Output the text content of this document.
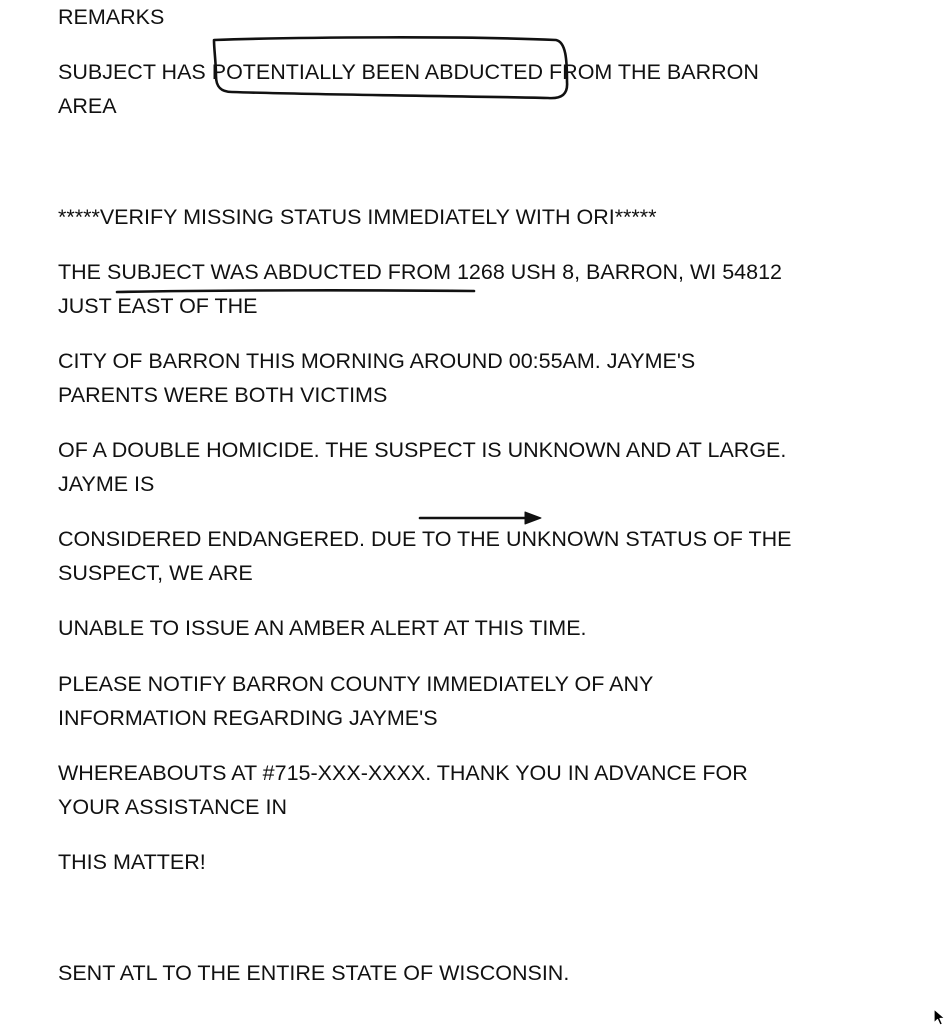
REMARKS

SUBJECT HAS POTENTIALLY BEEN ABDUCTED FROM THE BARRON

AREA

*****VERIFY MISSING STATUS IMMEDIATELY WITH ORI*****

THE SUBJECT WAS ABDUCTED FROM 1268 USH 8, BARRON, WI 54812

JUST EAST OF THE

CITY OF BARRON THIS MORNING AROUND 00:55AM. JAYME'S

PARENTS WERE BOTH VICTIMS

OF A DOUBLE HOMICIDE. THE SUSPECT IS UNKNOWN AND AT LARGE.

JAYME IS

CONSIDERED ENDANGERED. DUE TO THE UNKNOWN STATUS OF THE

SUSPECT, WE ARE

UNABLE TO ISSUE AN AMBER ALERT AT THIS TIME.

PLEASE NOTIFY BARRON COUNTY IMMEDIATELY OF ANY

INFORMATION REGARDING JAYME'S

WHEREABOUTS AT #715-XXX-XXXX. THANK YOU IN ADVANCE FOR

YOUR ASSISTANCE IN

THIS MATTER!

SENT ATL TO THE ENTIRE STATE OF WISCONSIN.
